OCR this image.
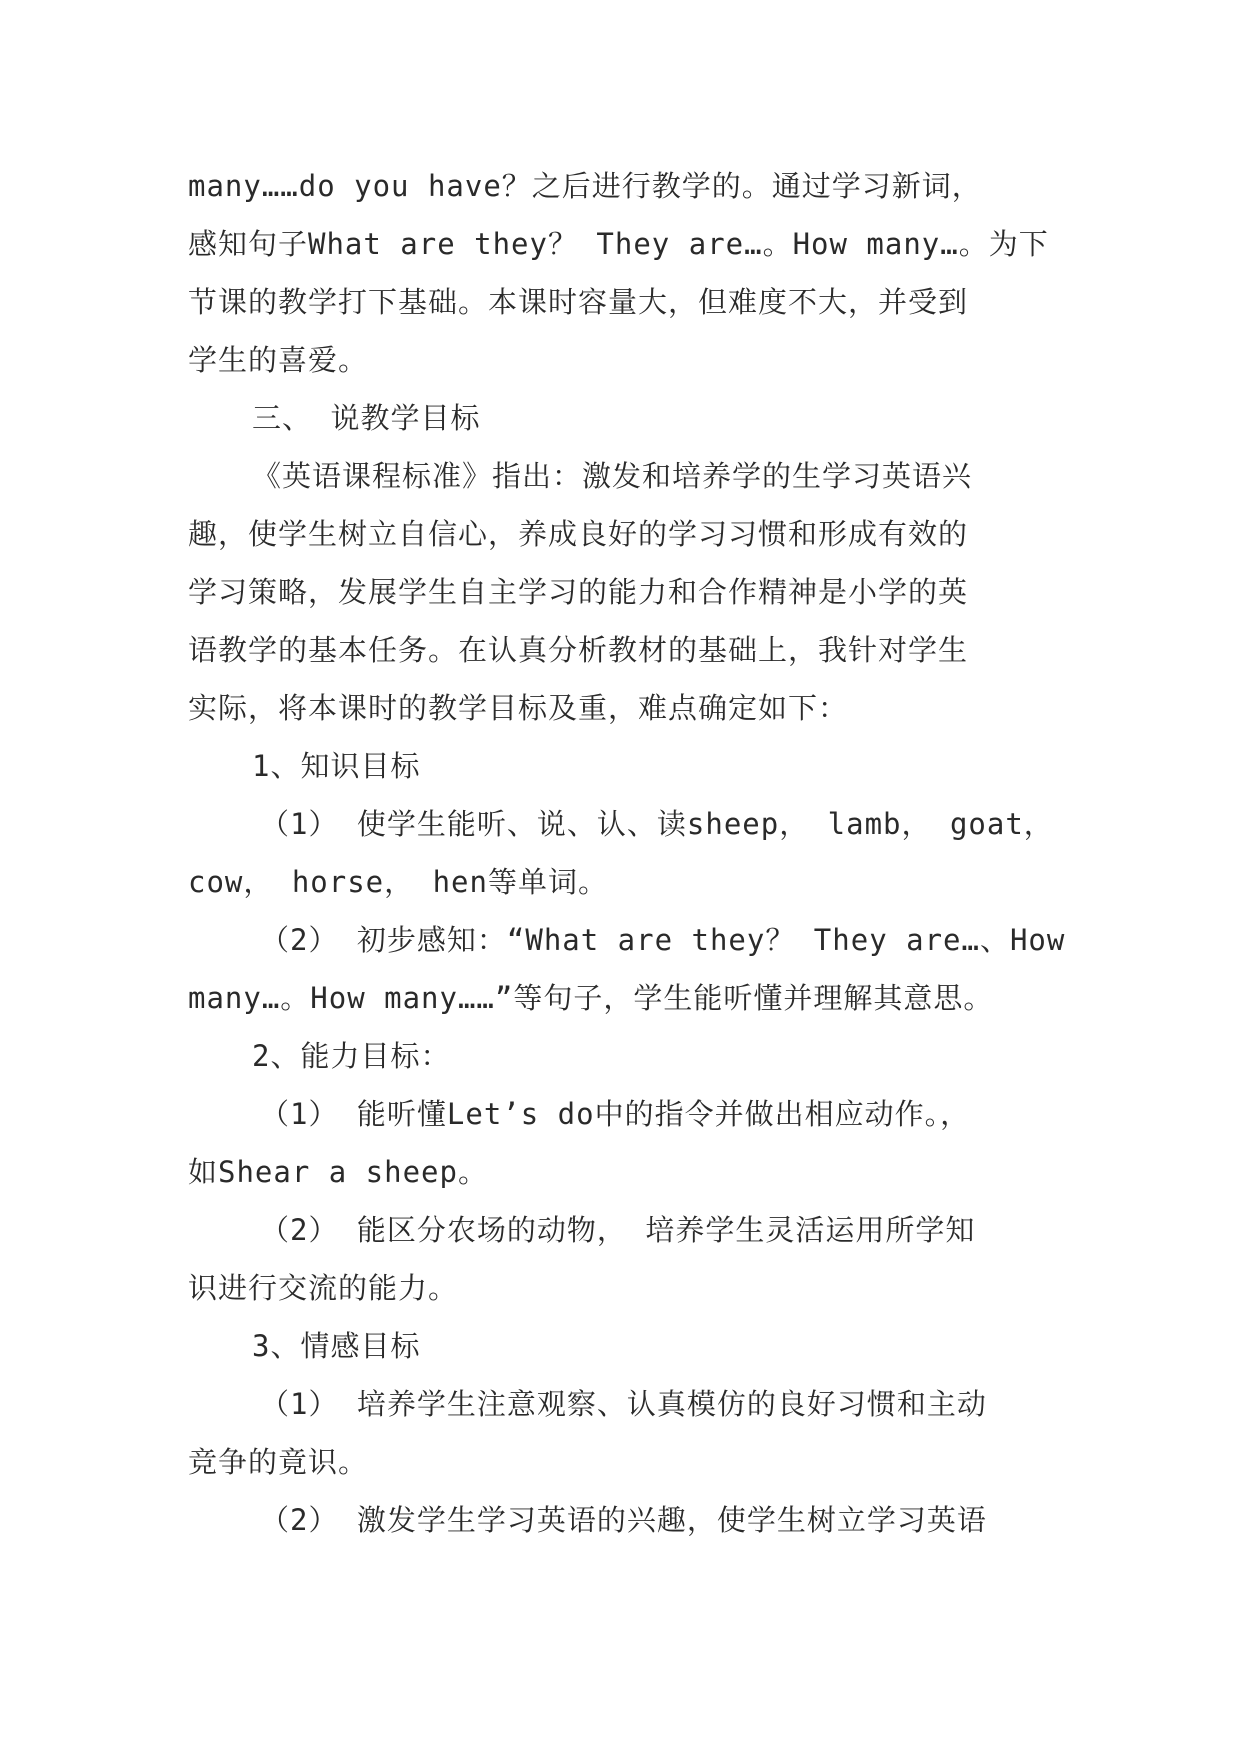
many……do you have？之后进行教学的。通过学习新词，
感知句子What are they？ They are…。How many…。为下
节课的教学打下基础。本课时容量大，但难度不大，并受到
学生的喜爱。
三、 说教学目标
《英语课程标准》指出：激发和培养学的生学习英语兴
趣，使学生树立自信心，养成良好的学习习惯和形成有效的
学习策略，发展学生自主学习的能力和合作精神是小学的英
语教学的基本任务。在认真分析教材的基础上，我针对学生
实际，将本课时的教学目标及重，难点确定如下：
1、知识目标
（1） 使学生能听、说、认、读sheep， lamb， goat，
cow， horse， hen等单词。
（2） 初步感知：“What are they？ They are…、How
many…。How many……”等句子，学生能听懂并理解其意思。
2、能力目标：
（1） 能听懂Let’s do中的指令并做出相应动作。，
如Shear a sheep。
（2） 能区分农场的动物， 培养学生灵活运用所学知
识进行交流的能力。
3、情感目标
（1） 培养学生注意观察、认真模仿的良好习惯和主动
竞争的竟识。
（2） 激发学生学习英语的兴趣，使学生树立学习英语
